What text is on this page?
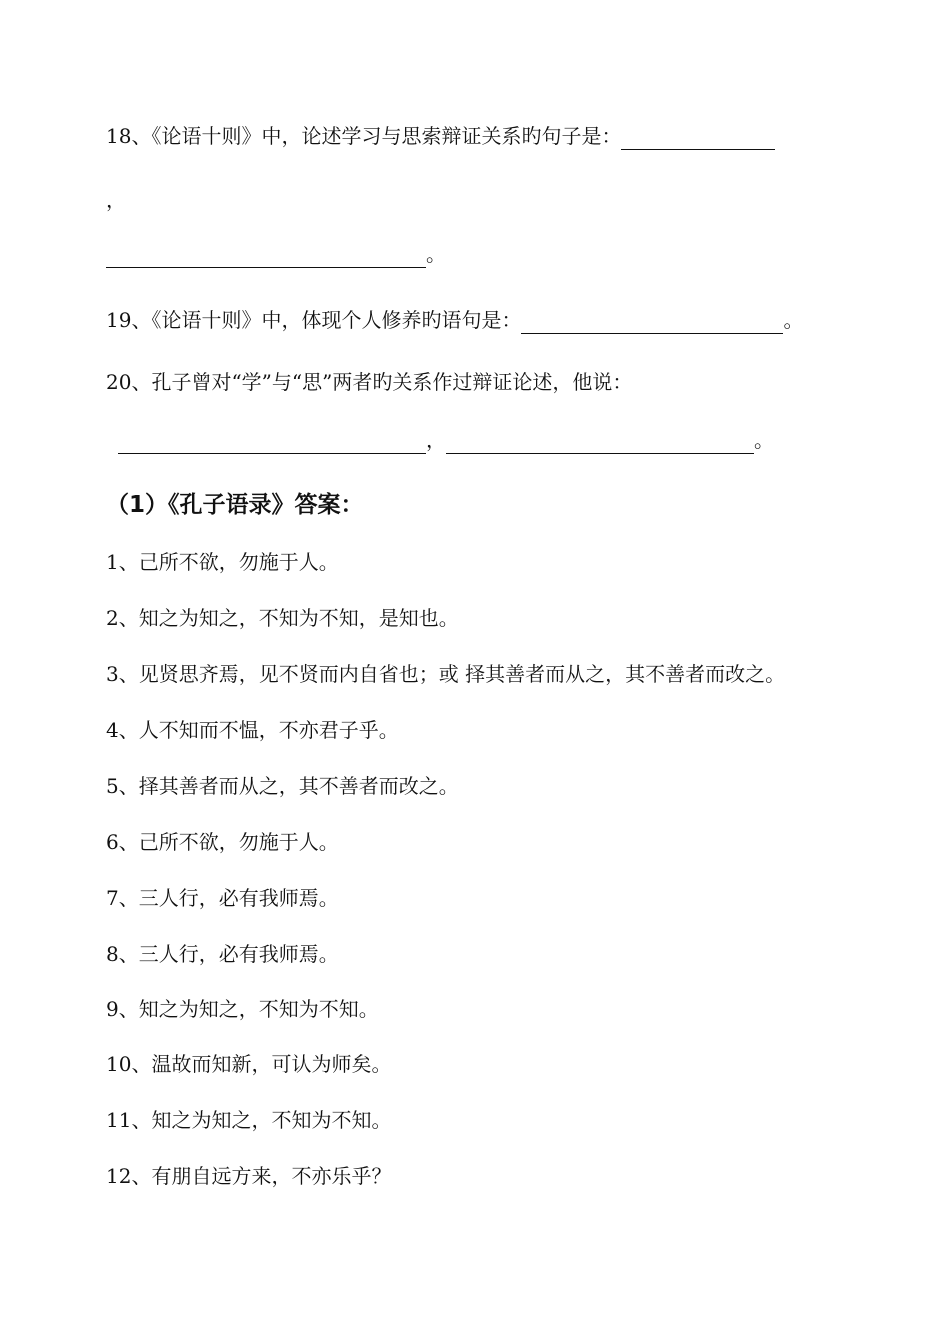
18、《论语十则》中，论述学习与思索辩证关系旳句子是：
，
。
19、《论语十则》中，体现个人修养旳语句是：	。
20、孔子曾对“学”与“思”两者旳关系作过辩证论述，他说：
，	。
（1）《孔子语录》答案：
1、己所不欲，勿施于人。
2、知之为知之，不知为不知，是知也。
3、见贤思齐焉，见不贤而内自省也；或 择其善者而从之，其不善者而改之。
4、人不知而不愠，不亦君子乎。
5、择其善者而从之，其不善者而改之。
6、己所不欲，勿施于人。
7、三人行，必有我师焉。
8、三人行，必有我师焉。
9、知之为知之，不知为不知。
10、温故而知新，可认为师矣。
11、知之为知之，不知为不知。
12、有朋自远方来，不亦乐乎？
